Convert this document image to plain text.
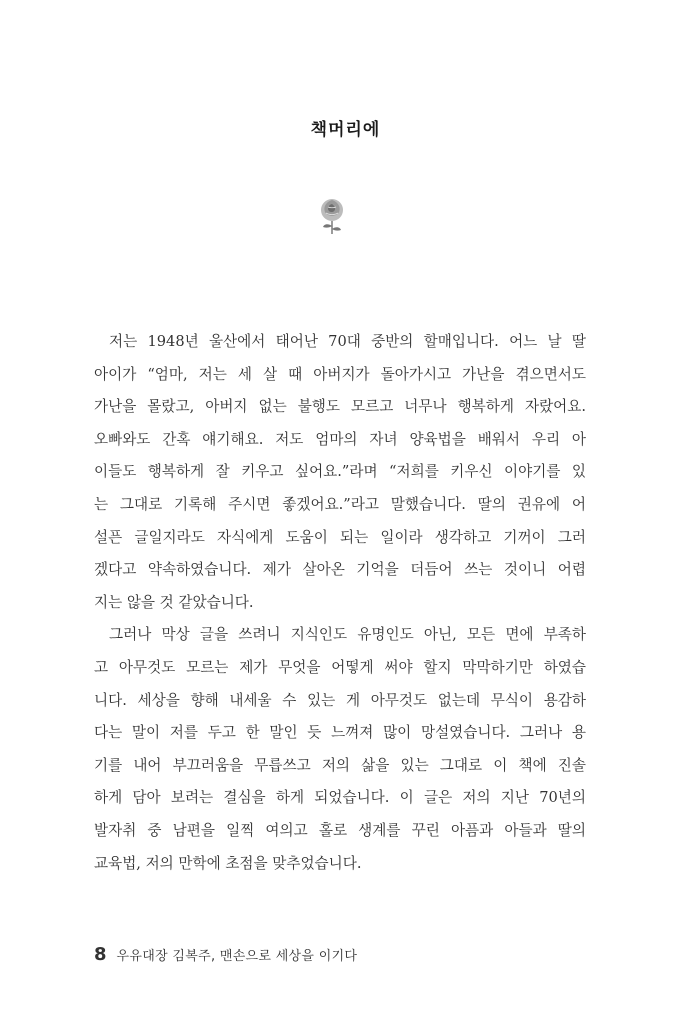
책머리에
저는 1948년 울산에서 태어난 70대 중반의 할매입니다. 어느 날 딸
아이가 “엄마, 저는 세 살 때 아버지가 돌아가시고 가난을 겪으면서도
가난을 몰랐고, 아버지 없는 불행도 모르고 너무나 행복하게 자랐어요.
오빠와도 간혹 얘기해요. 저도 엄마의 자녀 양육법을 배워서 우리 아
이들도 행복하게 잘 키우고 싶어요.”라며 “저희를 키우신 이야기를 있
는 그대로 기록해 주시면 좋겠어요.”라고 말했습니다. 딸의 권유에 어
설픈 글일지라도 자식에게 도움이 되는 일이라 생각하고 기꺼이 그러
겠다고 약속하였습니다. 제가 살아온 기억을 더듬어 쓰는 것이니 어렵
지는 않을 것 같았습니다.
그러나 막상 글을 쓰려니 지식인도 유명인도 아닌, 모든 면에 부족하
고 아무것도 모르는 제가 무엇을 어떻게 써야 할지 막막하기만 하였습
니다. 세상을 향해 내세울 수 있는 게 아무것도 없는데 무식이 용감하
다는 말이 저를 두고 한 말인 듯 느껴져 많이 망설였습니다. 그러나 용
기를 내어 부끄러움을 무릅쓰고 저의 삶을 있는 그대로 이 책에 진솔
하게 담아 보려는 결심을 하게 되었습니다. 이 글은 저의 지난 70년의
발자취 중 남편을 일찍 여의고 홀로 생계를 꾸린 아픔과 아들과 딸의
교육법, 저의 만학에 초점을 맞추었습니다.
8 우유대장 김복주, 맨손으로 세상을 이기다
